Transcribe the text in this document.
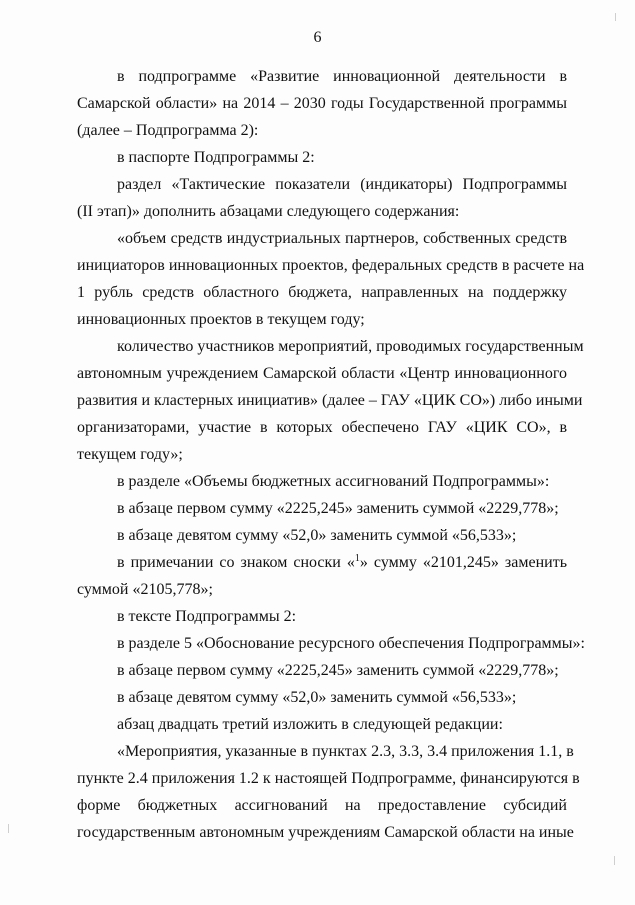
6
в подпрограмме «Развитие инновационной деятельности в
Самарской области» на 2014 – 2030 годы Государственной программы
(далее – Подпрограмма 2):
в паспорте Подпрограммы 2:
раздел «Тактические показатели (индикаторы) Подпрограммы
(II этап)» дополнить абзацами следующего содержания:
«объем средств индустриальных партнеров, собственных средств
инициаторов инновационных проектов, федеральных средств в расчете на
1 рубль средств областного бюджета, направленных на поддержку
инновационных проектов в текущем году;
количество участников мероприятий, проводимых государственным
автономным учреждением Самарской области «Центр инновационного
развития и кластерных инициатив» (далее – ГАУ «ЦИК СО») либо иными
организаторами, участие в которых обеспечено ГАУ «ЦИК СО», в
текущем году»;
в разделе «Объемы бюджетных ассигнований Подпрограммы»:
в абзаце первом сумму «2225,245» заменить суммой «2229,778»;
в абзаце девятом сумму «52,0» заменить суммой «56,533»;
в примечании со знаком сноски «$^1$» сумму «2101,245» заменить
суммой «2105,778»;
в тексте Подпрограммы 2:
в разделе 5 «Обоснование ресурсного обеспечения Подпрограммы»:
в абзаце первом сумму «2225,245» заменить суммой «2229,778»;
в абзаце девятом сумму «52,0» заменить суммой «56,533»;
абзац двадцать третий изложить в следующей редакции:
«Мероприятия, указанные в пунктах 2.3, 3.3, 3.4 приложения 1.1, в
пункте 2.4 приложения 1.2 к настоящей Подпрограмме, финансируются в
форме бюджетных ассигнований на предоставление субсидий
государственным автономным учреждениям Самарской области на иные
